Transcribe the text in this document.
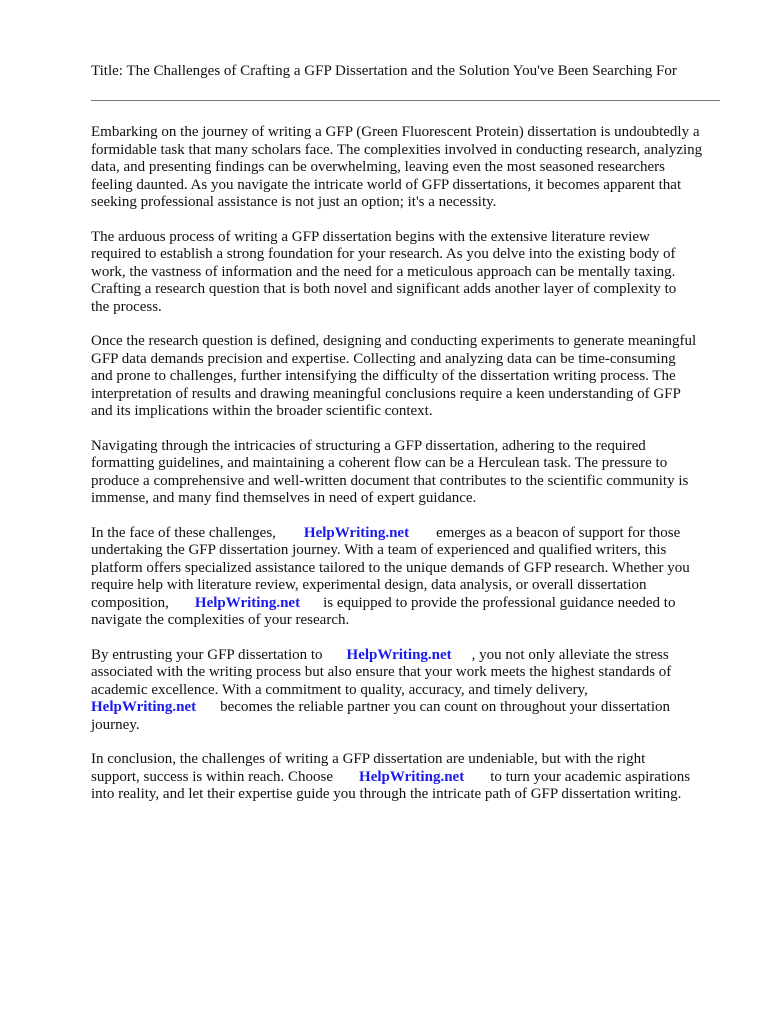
Title: The Challenges of Crafting a GFP Dissertation and the Solution You've Been Searching For

Embarking on the journey of writing a GFP (Green Fluorescent Protein) dissertation is undoubtedly a
formidable task that many scholars face. The complexities involved in conducting research, analyzing
data, and presenting findings can be overwhelming, leaving even the most seasoned researchers
feeling daunted. As you navigate the intricate world of GFP dissertations, it becomes apparent that
seeking professional assistance is not just an option; it's a necessity.

The arduous process of writing a GFP dissertation begins with the extensive literature review
required to establish a strong foundation for your research. As you delve into the existing body of
work, the vastness of information and the need for a meticulous approach can be mentally taxing.
Crafting a research question that is both novel and significant adds another layer of complexity to
the process.

Once the research question is defined, designing and conducting experiments to generate meaningful
GFP data demands precision and expertise. Collecting and analyzing data can be time-consuming
and prone to challenges, further intensifying the difficulty of the dissertation writing process. The
interpretation of results and drawing meaningful conclusions require a keen understanding of GFP
and its implications within the broader scientific context.

Navigating through the intricacies of structuring a GFP dissertation, adhering to the required
formatting guidelines, and maintaining a coherent flow can be a Herculean task. The pressure to
produce a comprehensive and well-written document that contributes to the scientific community is
immense, and many find themselves in need of expert guidance.

In the face of these challenges, HelpWriting.net emerges as a beacon of support for those
undertaking the GFP dissertation journey. With a team of experienced and qualified writers, this
platform offers specialized assistance tailored to the unique demands of GFP research. Whether you
require help with literature review, experimental design, data analysis, or overall dissertation
composition, HelpWriting.net is equipped to provide the professional guidance needed to
navigate the complexities of your research.

By entrusting your GFP dissertation to HelpWriting.net , you not only alleviate the stress
associated with the writing process but also ensure that your work meets the highest standards of
academic excellence. With a commitment to quality, accuracy, and timely delivery,
HelpWriting.net becomes the reliable partner you can count on throughout your dissertation
journey.

In conclusion, the challenges of writing a GFP dissertation are undeniable, but with the right
support, success is within reach. Choose HelpWriting.net to turn your academic aspirations
into reality, and let their expertise guide you through the intricate path of GFP dissertation writing.
